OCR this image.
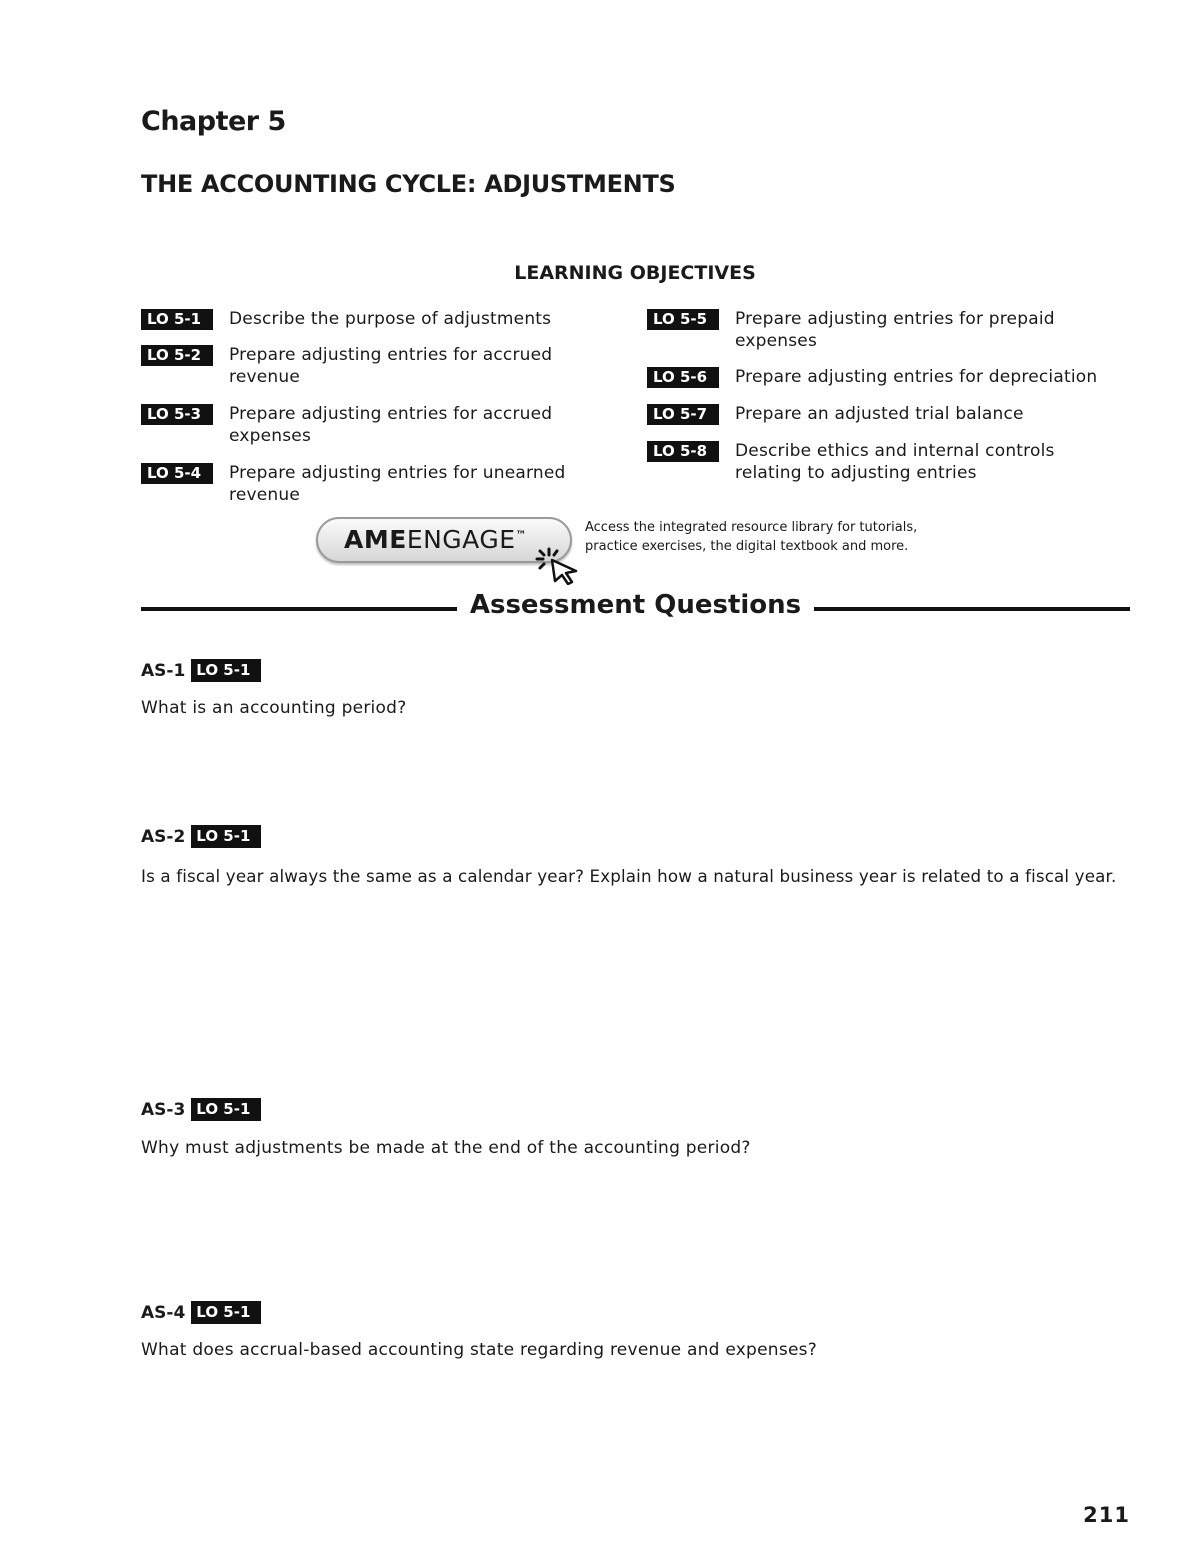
Chapter 5
THE ACCOUNTING CYCLE: ADJUSTMENTS
LEARNING OBJECTIVES
LO 5-1	Describe the purpose of adjustments
LO 5-2	Prepare adjusting entries for accrued revenue
LO 5-3	Prepare adjusting entries for accrued expenses
LO 5-4	Prepare adjusting entries for unearned revenue
LO 5-5	Prepare adjusting entries for prepaid expenses
LO 5-6	Prepare adjusting entries for depreciation
LO 5-7	Prepare an adjusted trial balance
LO 5-8	Describe ethics and internal controls relating to adjusting entries
AMEENGAGE™
Access the integrated resource library for tutorials, practice exercises, the digital textbook and more.
Assessment Questions
AS-1 LO 5-1
What is an accounting period?
AS-2 LO 5-1
Is a fiscal year always the same as a calendar year? Explain how a natural business year is related to a fiscal year.
AS-3 LO 5-1
Why must adjustments be made at the end of the accounting period?
AS-4 LO 5-1
What does accrual-based accounting state regarding revenue and expenses?
211
